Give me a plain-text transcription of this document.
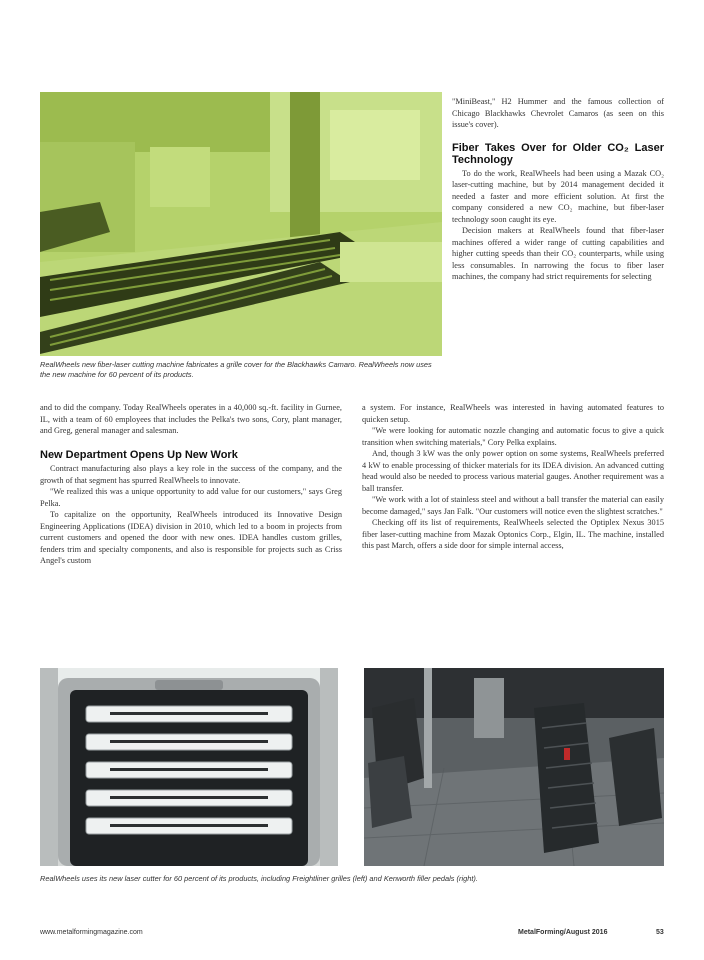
RealWheels new fiber-laser cutting machine fabricates a grille cover for the Blackhawks Camaro. RealWheels now uses the new machine for 60 percent of its products.

"MiniBeast," H2 Hummer and the famous collection of Chicago Blackhawks Chevrolet Camaros (as seen on this issue's cover).

Fiber Takes Over for Older CO₂ Laser Technology

To do the work, RealWheels had been using a Mazak CO₂ laser-cutting machine, but by 2014 management decided it needed a faster and more efficient solution. At first the company considered a new CO₂ machine, but fiber-laser technology soon caught its eye.

Decision makers at RealWheels found that fiber-laser machines offered a wider range of cutting capabilities and higher cutting speeds than their CO₂ counterparts, while using less consumables. In narrowing the focus to fiber laser machines, the company had strict requirements for selecting

and to did the company. Today RealWheels operates in a 40,000 sq.-ft. facility in Gurnee, IL, with a team of 60 employees that includes the Pelka's two sons, Cory, plant manager, and Greg, general manager and salesman.

New Department Opens Up New Work

Contract manufacturing also plays a key role in the success of the company, and the growth of that segment has spurred RealWheels to innovate.

"We realized this was a unique opportunity to add value for our customers," says Greg Pelka.

To capitalize on the opportunity, RealWheels introduced its Innovative Design Engineering Applications (IDEA) division in 2010, which led to a boom in projects from current customers and opened the door with new ones. IDEA handles custom grilles, fenders trim and specialty components, and also is responsible for projects such as Criss Angel's custom

a system. For instance, RealWheels was interested in having automated features to quicken setup.

"We were looking for automatic nozzle changing and automatic focus to give a quick transition when switching materials," Cory Pelka explains.

And, though 3 kW was the only power option on some systems, RealWheels preferred 4 kW to enable processing of thicker materials for its IDEA division. An advanced cutting head would also be needed to process various material gauges. Another requirement was a ball transfer.

"We work with a lot of stainless steel and without a ball transfer the material can easily become damaged," says Jan Falk. "Our customers will notice even the slightest scratches."

Checking off its list of requirements, RealWheels selected the Optiplex Nexus 3015 fiber laser-cutting machine from Mazak Optonics Corp., Elgin, IL. The machine, installed this past March, offers a side door for simple internal access,

RealWheels uses its new laser cutter for 60 percent of its products, including Freightliner grilles (left) and Kenworth filler pedals (right).
www.metalformingmagazine.com	MetalForming/August 2016	53
